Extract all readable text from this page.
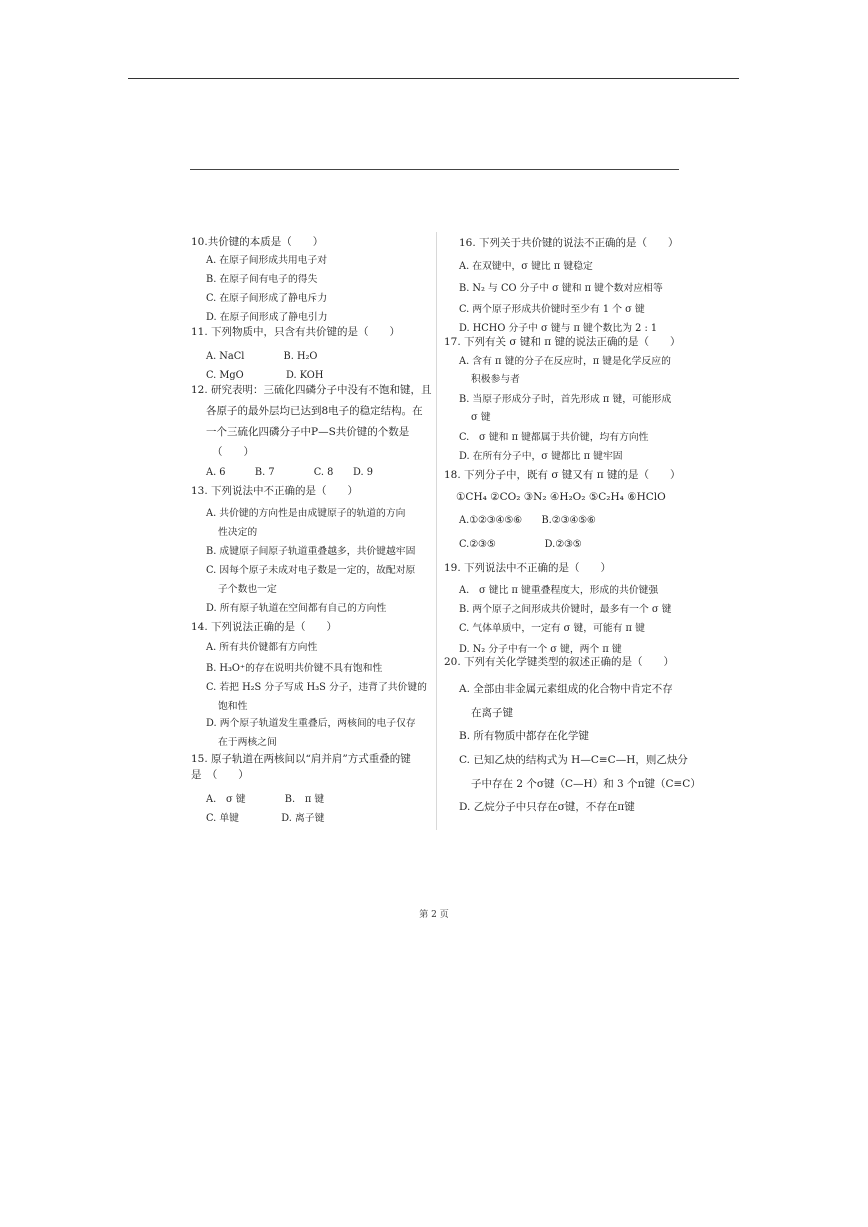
10.共价键的本质是（　　）
A. 在原子间形成共用电子对
B. 在原子间有电子的得失
C. 在原子间形成了静电斥力
D. 在原子间形成了静电引力
11. 下列物质中，只含有共价键的是（　　）
A. NaCl　　　　B. H₂O
C. MgO　　　　 D. KOH
12. 研究表明：三硫化四磷分子中没有不饱和键，且
各原子的最外层均已达到8电子的稳定结构。在
一个三硫化四磷分子中P—S共价键的个数是
（　　）
A. 6　　　B. 7　　　　C. 8　　D. 9
13. 下列说法中不正确的是（　　）
A. 共价键的方向性是由成键原子的轨道的方向
性决定的
B. 成键原子间原子轨道重叠越多，共价键越牢固
C. 因每个原子未成对电子数是一定的，故配对原
子个数也一定
D. 所有原子轨道在空间都有自己的方向性
14. 下列说法正确的是（　　）
A. 所有共价键都有方向性
B. H₃O⁺的存在说明共价键不具有饱和性
C. 若把 H₂S 分子写成 H₃S 分子，违背了共价键的
饱和性
D. 两个原子轨道发生重叠后，两核间的电子仅存
在于两核之间
15. 原子轨道在两核间以“肩并肩”方式重叠的键
是　（　　）
A.　σ 键　　　　B.　π 键
C. 单键　　　　 D. 离子键
16. 下列关于共价键的说法不正确的是（　　）
A. 在双键中，σ 键比 π 键稳定
B. N₂ 与 CO 分子中 σ 键和 π 键个数对应相等
C. 两个原子形成共价键时至少有 1 个 σ 键
D. HCHO 分子中 σ 键与 π 键个数比为 2 : 1
17. 下列有关 σ 键和 π 键的说法正确的是（　　）
A. 含有 π 键的分子在反应时，π 键是化学反应的
积极参与者
B. 当原子形成分子时，首先形成 π 键，可能形成
σ 键
C.　σ 键和 π 键都属于共价键，均有方向性
D. 在所有分子中，σ 键都比 π 键牢固
18. 下列分子中，既有 σ 键又有 π 键的是（　　）
①CH₄ ②CO₂ ③N₂ ④H₂O₂ ⑤C₂H₄ ⑥HClO
A.①②③④⑤⑥　　B.②③④⑤⑥
C.②③⑤　　　　　D.②③⑤
19. 下列说法中不正确的是（　　）
A.　σ 键比 π 键重叠程度大，形成的共价键强
B. 两个原子之间形成共价键时，最多有一个 σ 键
C. 气体单质中，一定有 σ 键，可能有 π 键
D. N₂ 分子中有一个 σ 键，两个 π 键
20. 下列有关化学键类型的叙述正确的是（　　）
A. 全部由非金属元素组成的化合物中肯定不存
在离子键
B. 所有物质中都存在化学键
C. 已知乙炔的结构式为 H—C≡C—H，则乙炔分
子中存在 2 个σ键（C—H）和 3 个π键（C≡C）
D. 乙烷分子中只存在σ键，不存在π键
第 2 页
